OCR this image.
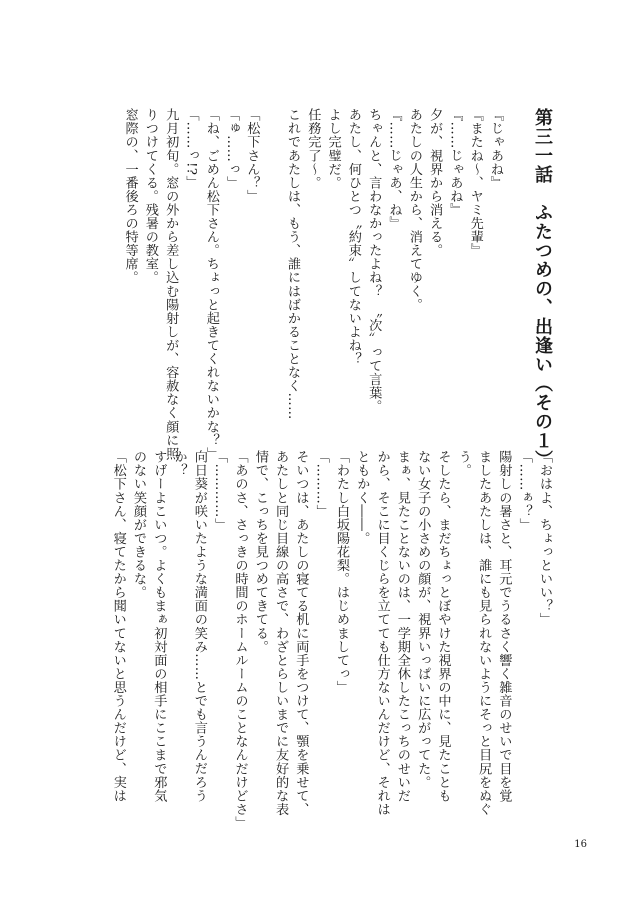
第三一話　ふたつめの、出逢い（その１）
『じゃあね』
『またね〜、ヤミ先輩』
『……じゃあね』
夕が、視界から消える。
あたしの人生から、消えてゆく。
『……じゃあ、ね』
ちゃんと、言わなかったよね？　〝次〟って言葉。
あたし、何ひとつ〝約束〟してないよね？
よし完璧だ。
任務完了〜。
これであたしは、もう、誰にはばかることなく……
「松下さん？」
「ゅ……っ」
「ね、ごめん松下さん。ちょっと起きてくれないかな？」
「……っ!?」
九月初旬。窓の外から差し込む陽射しが、容赦なく顔に照
りつけてくる。残暑の教室。
窓際の、一番後ろの特等席。
「おはよ、ちょっといい？」
「……ぁ？」
陽射しの暑さと、耳元でうるさく響く雑音のせいで目を覚
ましたあたしは、誰にも見られないようにそっと目尻をぬぐ
う。
そしたら、まだちょっとぼやけた視界の中に、見たことも
ない女子の小さめの顔が、視界いっぱいに広がってた。
まぁ、見たことないのは、一学期全休したこっちのせいだ
から、そこに目くじらを立てても仕方ないんだけど、それは
ともかく――。
「わたし白坂陽花梨。はじめましてっ」
「………」
そいつは、あたしの寝てる机に両手をつけて、顎を乗せて、
あたしと同じ目線の高さで、わざとらしいまでに友好的な表
情で、こっちを見つめてきてる。
「あのさ、さっきの時間のホームルームのことなんだけどさ」
「…………」
向日葵が咲いたような満面の笑み……とでも言うんだろう
か？
すげーよこいつ。よくもまぁ初対面の相手にここまで邪気
のない笑顔ができるな。
「松下さん、寝てたから聞いてないと思うんだけど、実は
16
